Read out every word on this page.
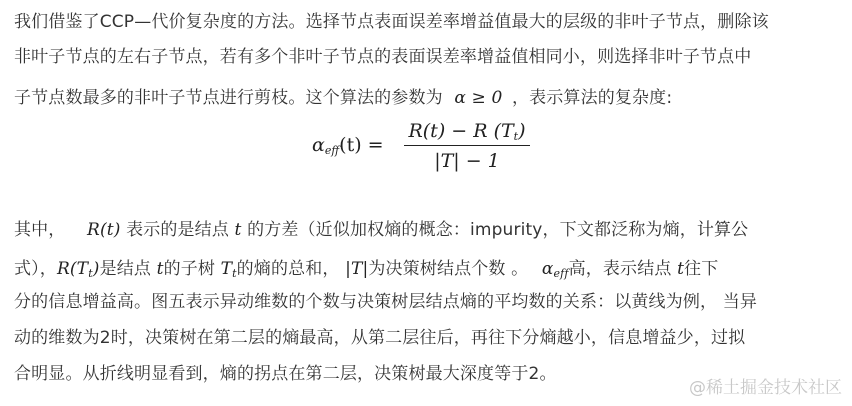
我们借鉴了CCP—代价复杂度的方法。选择节点表面误差率增益值最大的层级的非叶子节点，删除该
非叶子节点的左右子节点，若有多个非叶子节点的表面误差率增益值相同小，则选择非叶子节点中
子节点数最多的非叶子节点进行剪枝。这个算法的参数为 α ≥ 0 ，表示算法的复杂度:
$\alpha_{eff}(t)$ =
R(t) − R $(T_t)$
|T| − 1
其中， R(t) 表示的是结点 t 的方差（近似加权熵的概念：impurity，下文都泛称为熵，计算公
式），$R(T_t)$是结点 t的子树 $T_t$的熵的总和， |T|为决策树结点个数 。 $\alpha_{eff}$高，表示结点 t往下
分的信息增益高。图五表示异动维数的个数与决策树层结点熵的平均数的关系：以黄线为例， 当异
动的维数为2时，决策树在第二层的熵最高，从第二层往后，再往下分熵越小，信息增益少，过拟
合明显。从折线明显看到，熵的拐点在第二层，决策树最大深度等于2。
@稀土掘金技术社区
